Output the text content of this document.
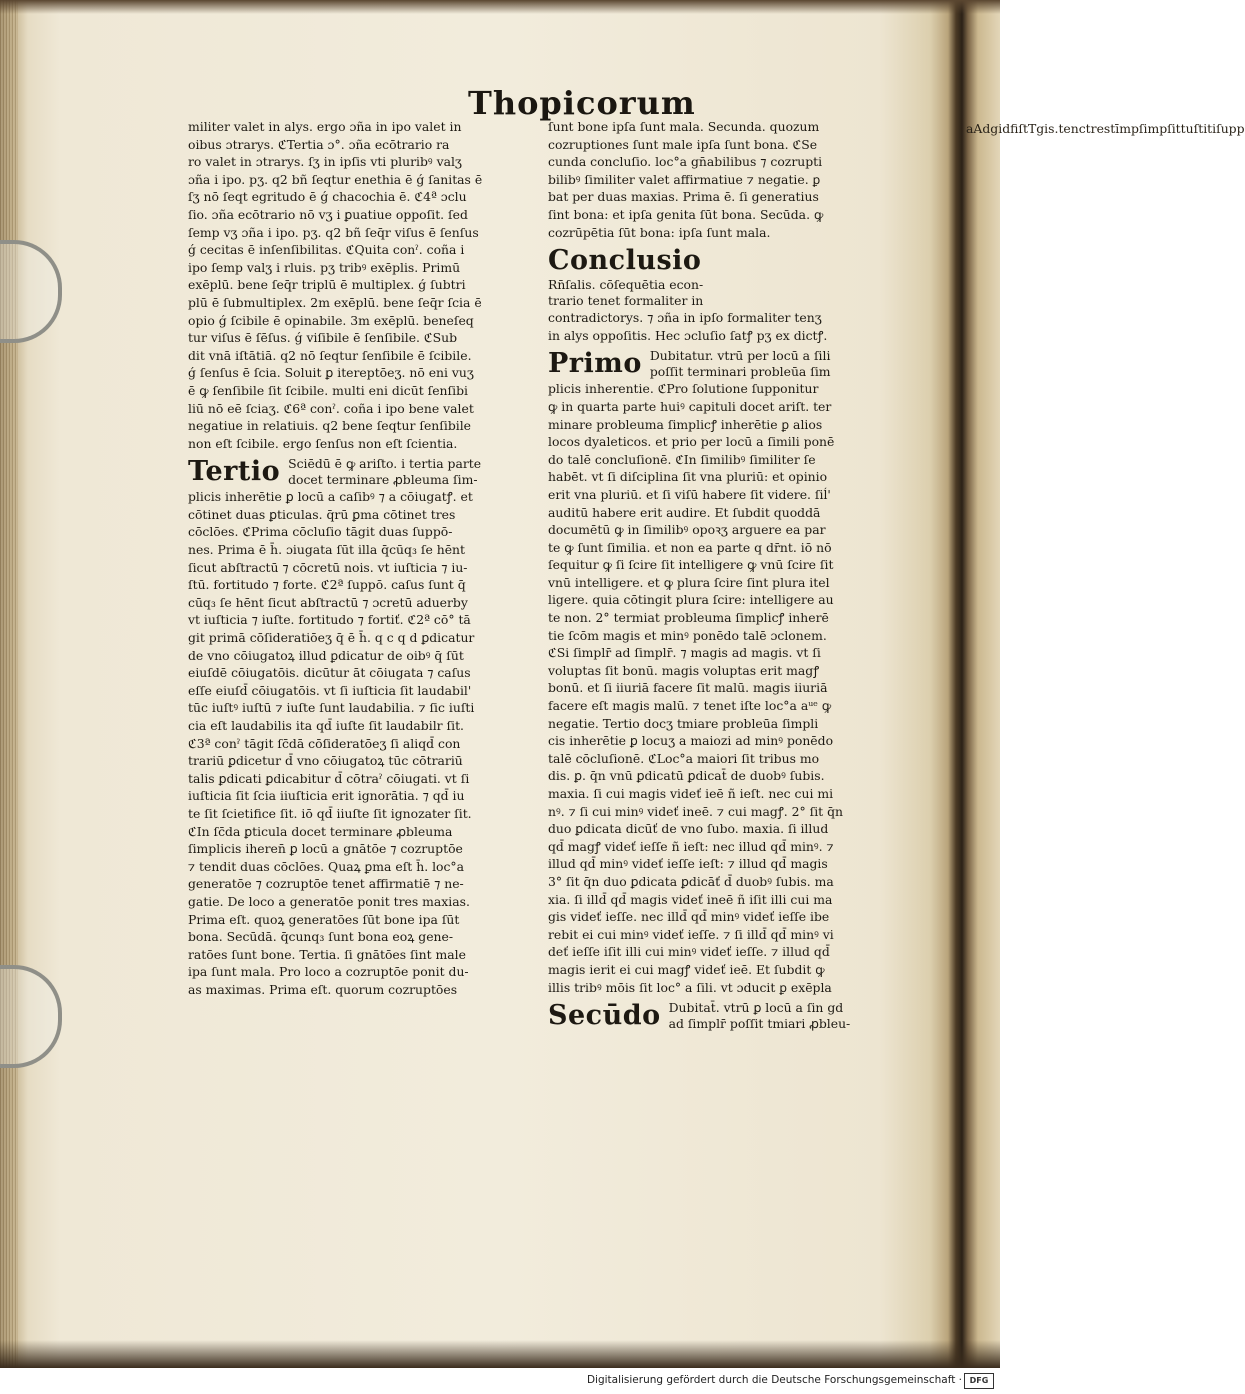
Thopicorum
militer valet in alys. ergo ɔña in ipo valet in
oibus ɔtrarys. ℭTertia ɔ°. ɔña ecōtrario ra
ro valet in ɔtrarys. ſʒ in ipſis vti pluribꝰ valʒ
ɔña i ipo. pʒ. q2 bñ ſeqtur enethia ē ǵ ſanitas ē
ſʒ nō ſeqt egritudo ē ǵ chacochia ē. ℭ4ª ɔclu
ſio. ɔña ecōtrario nō vʒ i ꝑuatiue oppoſit. ſed
ſemp vʒ ɔña i ipo. pʒ. q2 bñ ſeq̄r viſus ē ſenſus
ǵ cecitas ē inſenſibilitas. ℭQuita conˀ. coña i
ipo ſemp valʒ i rluis. pʒ tribꝰ exēplis. Primū
exēplū. bene ſeq̄r triplū ē multiplex. ǵ ſubtri
plū ē ſubmultiplex. 2m exēplū. bene ſeq̄r ſcia ē
opio ǵ ſcibile ē opinabile. 3m exēplū. beneſeq
tur viſus ē ſēſus. ǵ viſibile ē ſenſibile. ℭSub
dit vnā iſtātiā. q2 nō ſeqtur ſenſibile ē ſcibile.
ǵ ſenſus ē ſcia. Soluit ꝑ itereptōeʒ. nō eni vuʒ
ē ꝙ ſenſibile ſit ſcibile. multi eni dicūt ſenſibi
liū nō eē ſciaʒ. ℭ6ª conˀ. coña i ipo bene valet
negatiue in relatiuis. q2 bene ſeqtur ſenſibile
non eſt ſcibile. ergo ſenſus non eſt ſcientia.
Tertio Sciēdū ē ꝙ ariſto. i tertia parte
docet terminare ꝓbleuma ſim-
plicis inherētie ꝑ locū a caſibꝰ ⁊ a cōiugatꝭ. et
cōtinet duas ꝑticulas. q̄rū ꝑma cōtinet tres
cōclōes. ℭPrima cōcluſio tāgit duas ſuppō-
nes. Prima ē h̄. ɔiugata ſūt illa q̄cūq₃ ſe hēnt
ſicut abſtractū ⁊ cōcretū nois. vt iuſticia ⁊ iu-
ſtū. fortitudo ⁊ forte. ℭ2ª ſuppō. caſus ſunt q̄
cūq₃ ſe hēnt ſicut abſtractū ⁊ ɔcretū aduerby
vt iuſticia ⁊ iuſte. fortitudo ⁊ fortiť. ℭ2ª cō° tā
git primā cōſideratiōeʒ q̄ ē h̄. q c q d ꝑdicatur
de vno cōiugatoꝝ illud ꝑdicatur de oibꝰ q̄ ſūt
eiuſdē cōiugatōis. dicūtur āt cōiugata ⁊ caſus
eſſe eiuſd̄ cōiugatōis. vt ſi iuſticia ſit laudabil'
tūc iuſtꝰ iuſtū ⁊ iuſte ſunt laudabilia. ⁊ ſic iuſti
cia eſt laudabilis ita qd̄ iuſte ſit laudabilr ſit.
ℭ3ª conˀ tāgit ſc̄dā cōſideratōeʒ ſi aliqd̄ con
trariū ꝑdicetur d̄ vno cōiugatoꝝ tūc cōtrariū
talis ꝑdicati ꝑdicabitur d̄ cōtraˀ cōiugati. vt ſi
iuſticia ſit ſcia iiuſticia erit ignorātia. ⁊ qd̄ iu
te ſit ſcietifice ſit. iō qd̄ iiuſte ſit ignozater ſit.
ℭIn ſc̄da ꝑticula docet terminare ꝓbleuma
ſimplicis iheren̄ ꝑ locū a gnātōe ⁊ cozruptōe
⁊ tendit duas cōclōes. Quaꝝ ꝑma eſt h̄. loc°a
generatōe ⁊ cozruptōe tenet affirmatiē ⁊ ne-
gatie. De loco a generatōe ponit tres maxias.
Prima eſt. quoꝝ generatōes ſūt bone ipa ſūt
bona. Secūdā. q̄cunq₃ ſunt bona eoꝝ gene-
ratōes ſunt bone. Tertia. ſi gnātōes ſint male
ipa ſunt mala. Pro loco a cozruptōe ponit du-
as maximas. Prima eſt. quorum cozruptōes
ſunt bone ipſa ſunt mala. Secunda. quozum
cozruptiones ſunt male ipſa ſunt bona. ℭSe
cunda concluſio. loc°a gn̄abilibus ⁊ cozrupti
bilibꝰ ſimiliter valet affirmatiue ⁊ negatie. ꝑ
bat per duas maxias. Prima ē. ſi generatius
ſint bona: et ipſa genita ſūt bona. Secūda. ꝙ
cozrūpētia ſūt bona: ipſa ſunt mala.
Conclusio
Rn̄ſalis. cōſequētia econ-
trario tenet formaliter in
contradictorys. ⁊ ɔña in ipſo formaliter tenʒ
in alys oppoſitis. Hec ɔcluſio ſatꝭ pʒ ex dictꝭ.
Primo Dubitatur. vtrū per locū a ſili
poſſit terminari probleūa ſim
plicis inherentie. ℭPro ſolutione ſupponitur
ꝙ in quarta parte huiꝰ capituli docet ariſt. ter
minare probleuma ſimplicꝭ inherētie ꝑ alios
locos dyaleticos. et prio per locū a ſimili ponē
do talē concluſionē. ℭIn ſimilibꝰ ſimiliter ſe
habēt. vt ſi diſciplina ſit vna pluriū: et opinio
erit vna pluriū. et ſi viſū habere ſit videre. ſiĺ'
auditū habere erit audire. Et ſubdit quoddā
documētū ꝙ in ſimilibꝰ opoꝛʒ arguere ea par
te ꝙ ſunt ſimilia. et non ea parte q dr̄nt. iō nō
ſequitur ꝙ ſi ſcire ſit intelligere ꝙ vnū ſcire ſit
vnū intelligere. et ꝙ plura ſcire ſint plura itel
ligere. quia cōtingit plura ſcire: intelligere au
te non. 2° termiat probleuma ſimplicꝭ inherē
tie ſcōm magis et minꝰ ponēdo talē ɔclonem.
ℭSi ſimplr̄ ad ſimplr̄. ⁊ magis ad magis. vt ſi
voluptas ſit bonū. magis voluptas erit magꝭ
bonū. et ſi iiuriā facere ſit malū. magis iiuriā
facere eſt magis malū. ⁊ tenet iſte loc°a aᵘᵉ ꝙ
negatie. Tertio docʒ tmiare probleūa ſimpli
cis inherētie ꝑ locuʒ a maiozi ad minꝰ ponēdo
talē cōcluſionē. ℭLoc°a maiori ſit tribus mo
dis. ꝑ. q̄n vnū ꝑdicatū ꝑdicat̄ de duobꝰ ſubis.
maxia. ſi cui magis videť ieē ñ ieſt. nec cui mi
nꝰ. ⁊ ſi cui minꝰ videť ineē. ⁊ cui magꝭ. 2° ſit q̄n
duo ꝑdicata dicūť de vno ſubo. maxia. ſi illud
qd̄ magꝭ videť ieſſe ñ ieſt: nec illud qd̄ minꝰ. ⁊
illud qd̄ minꝰ videť ieſſe ieſt: ⁊ illud qd̄ magis
3° ſit q̄n duo ꝑdicata ꝑdicāť d̄ duobꝰ ſubis. ma
xia. ſi illd̄ qd̄ magis videť ineē ñ iſit illi cui ma
gis videť ieſſe. nec illd̄ qd̄ minꝰ videť ieſſe ibe
rebit ei cui minꝰ videť ieſſe. ⁊ ſi illd̄ qd̄ minꝰ vi
deť ieſſe iſit illi cui minꝰ videť ieſſe. ⁊ illud qd̄
magis ierit ei cui magꝭ videť ieē. Et ſubdit ꝙ
illis tribꝰ mōis ſit loc° a ſili. vt ɔducit ꝑ exēpla
Secūdo Dubitat̄. vtrū ꝑ locū a ſin gd
ad ſimplr̄ poſſit tmiari ꝓbleu-
aAdgidfiſtTgis.tenctrestīmpſimpſittuſtitiſupp
Digitalisierung gefördert durch die Deutsche Forschungsgemeinschaft · DFG
